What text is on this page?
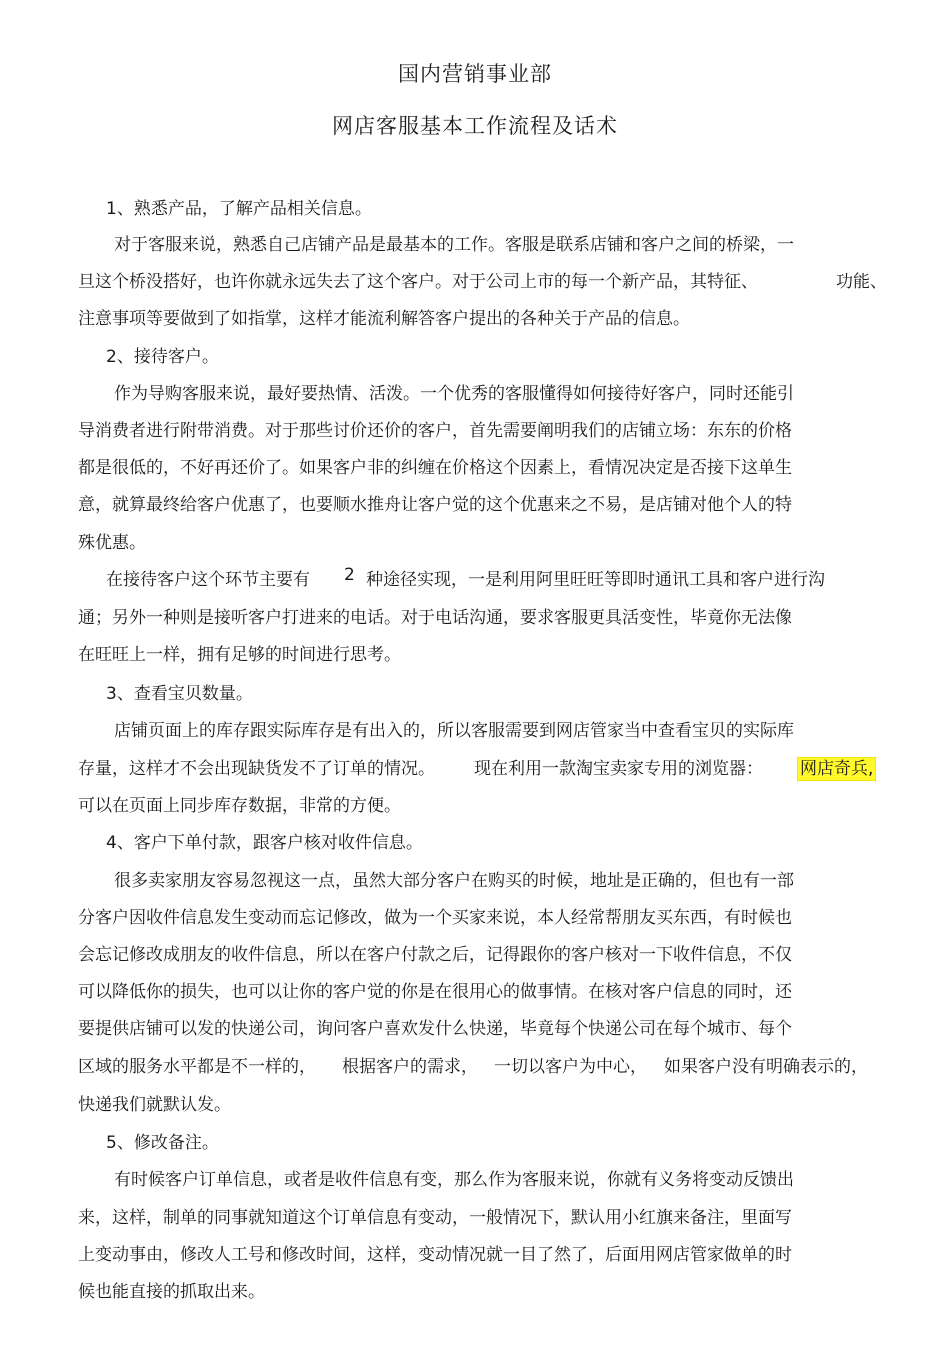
国内营销事业部
网店客服基本工作流程及话术
1、熟悉产品，了解产品相关信息。
对于客服来说，熟悉自己店铺产品是最基本的工作。客服是联系店铺和客户之间的桥梁，一
旦这个桥没搭好，也许你就永远失去了这个客户。对于公司上市的每一个新产品，其特征、	功能、
注意事项等要做到了如指掌，这样才能流利解答客户提出的各种关于产品的信息。
2、接待客户。
作为导购客服来说，最好要热情、活泼。一个优秀的客服懂得如何接待好客户，同时还能引
导消费者进行附带消费。对于那些讨价还价的客户，首先需要阐明我们的店铺立场：东东的价格
都是很低的，不好再还价了。如果客户非的纠缠在价格这个因素上，看情况决定是否接下这单生
意，就算最终给客户优惠了，也要顺水推舟让客户觉的这个优惠来之不易，是店铺对他个人的特
殊优惠。
在接待客户这个环节主要有 2 种途径实现，一是利用阿里旺旺等即时通讯工具和客户进行沟
通；另外一种则是接听客户打进来的电话。对于电话沟通，要求客服更具活变性，毕竟你无法像
在旺旺上一样，拥有足够的时间进行思考。
3、查看宝贝数量。
店铺页面上的库存跟实际库存是有出入的，所以客服需要到网店管家当中查看宝贝的实际库
存量，这样才不会出现缺货发不了订单的情况。 现在利用一款淘宝卖家专用的浏览器： 网店奇兵,
可以在页面上同步库存数据，非常的方便。
4、客户下单付款，跟客户核对收件信息。
很多卖家朋友容易忽视这一点，虽然大部分客户在购买的时候，地址是正确的，但也有一部
分客户因收件信息发生变动而忘记修改，做为一个买家来说，本人经常帮朋友买东西，有时候也
会忘记修改成朋友的收件信息，所以在客户付款之后，记得跟你的客户核对一下收件信息，不仅
可以降低你的损失，也可以让你的客户觉的你是在很用心的做事情。在核对客户信息的同时，还
要提供店铺可以发的快递公司，询问客户喜欢发什么快递，毕竟每个快递公司在每个城市、每个
区域的服务水平都是不一样的， 根据客户的需求， 一切以客户为中心， 如果客户没有明确表示的，
快递我们就默认发。
5、修改备注。
有时候客户订单信息，或者是收件信息有变，那么作为客服来说，你就有义务将变动反馈出
来，这样，制单的同事就知道这个订单信息有变动，一般情况下，默认用小红旗来备注，里面写
上变动事由，修改人工号和修改时间，这样，变动情况就一目了然了，后面用网店管家做单的时
候也能直接的抓取出来。
